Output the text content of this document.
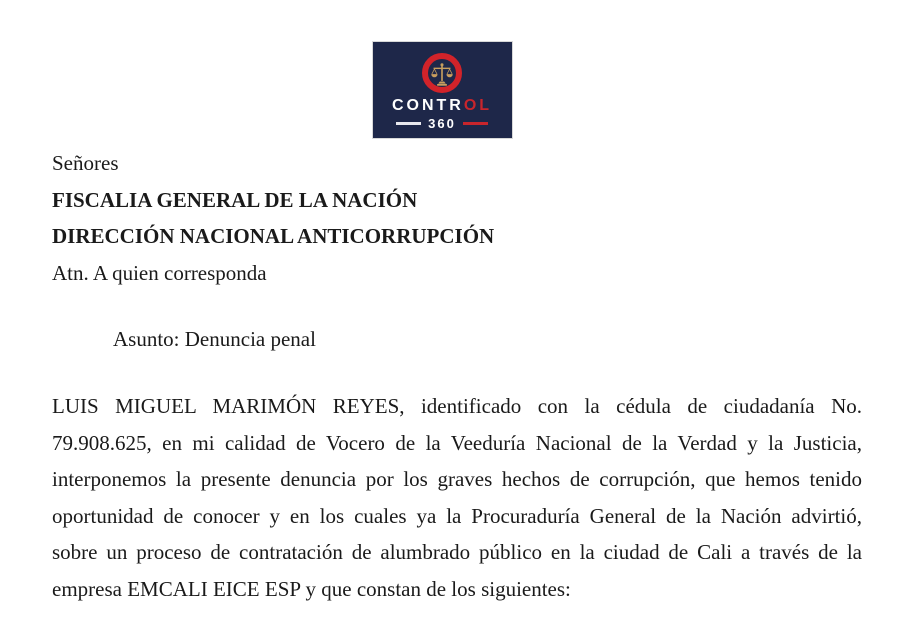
CONTROL
360
Señores
FISCALIA GENERAL DE LA NACIÓN
DIRECCIÓN NACIONAL ANTICORRUPCIÓN
Atn. A quien corresponda
Asunto: Denuncia penal
LUIS MIGUEL MARIMÓN REYES, identificado con la cédula de ciudadanía No.
79.908.625, en mi calidad de Vocero de la Veeduría Nacional de la Verdad y la Justicia,
interponemos la presente denuncia por los graves hechos de corrupción, que hemos tenido
oportunidad de conocer y en los cuales ya la Procuraduría General de la Nación advirtió,
sobre un proceso de contratación de alumbrado público en la ciudad de Cali a través de la
empresa EMCALI EICE ESP y que constan de los siguientes:
